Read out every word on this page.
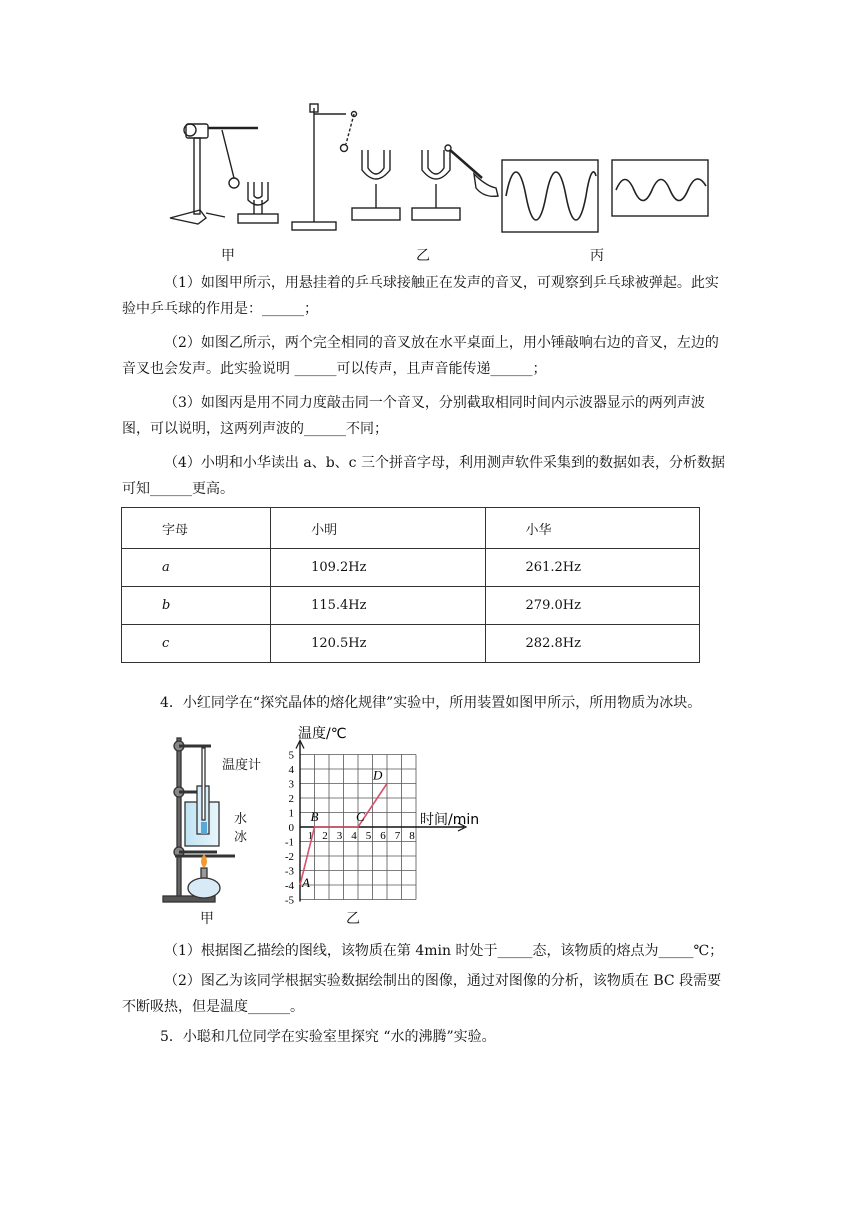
甲	乙	丙

（1）如图甲所示，用悬挂着的乒乓球接触正在发声的音叉，可观察到乒乓球被弹起。此实验中乒乓球的作用是：______；

（2）如图乙所示，两个完全相同的音叉放在水平桌面上，用小锤敲响右边的音叉，左边的音叉也会发声。此实验说明 ______可以传声，且声音能传递______；

（3）如图丙是用不同力度敲击同一个音叉，分别截取相同时间内示波器显示的两列声波图，可以说明，这两列声波的______不同；

（4）小明和小华读出 a、b、c 三个拼音字母，利用测声软件采集到的数据如表，分析数据可知______更高。

字母	小明	小华
a	109.2Hz	261.2Hz
b	115.4Hz	279.0Hz
c	120.5Hz	282.8Hz
4．小红同学在“探究晶体的熔化规律”实验中，所用装置如图甲所示，所用物质为冰块。
温度计
水
冰
甲
5
4
3
2
1
0
-1
-2
-3
-4
-5
1 2 3 4 5 6 7 8
温度/℃
时间/min
A
B	C
D
乙

（1）根据图乙描绘的图线，该物质在第 4min 时处于_____态，该物质的熔点为_____℃；

（2）图乙为该同学根据实验数据绘制出的图像，通过对图像的分析，该物质在 BC 段需要不断吸热，但是温度______。

5．小聪和几位同学在实验室里探究 “水的沸腾”实验。
